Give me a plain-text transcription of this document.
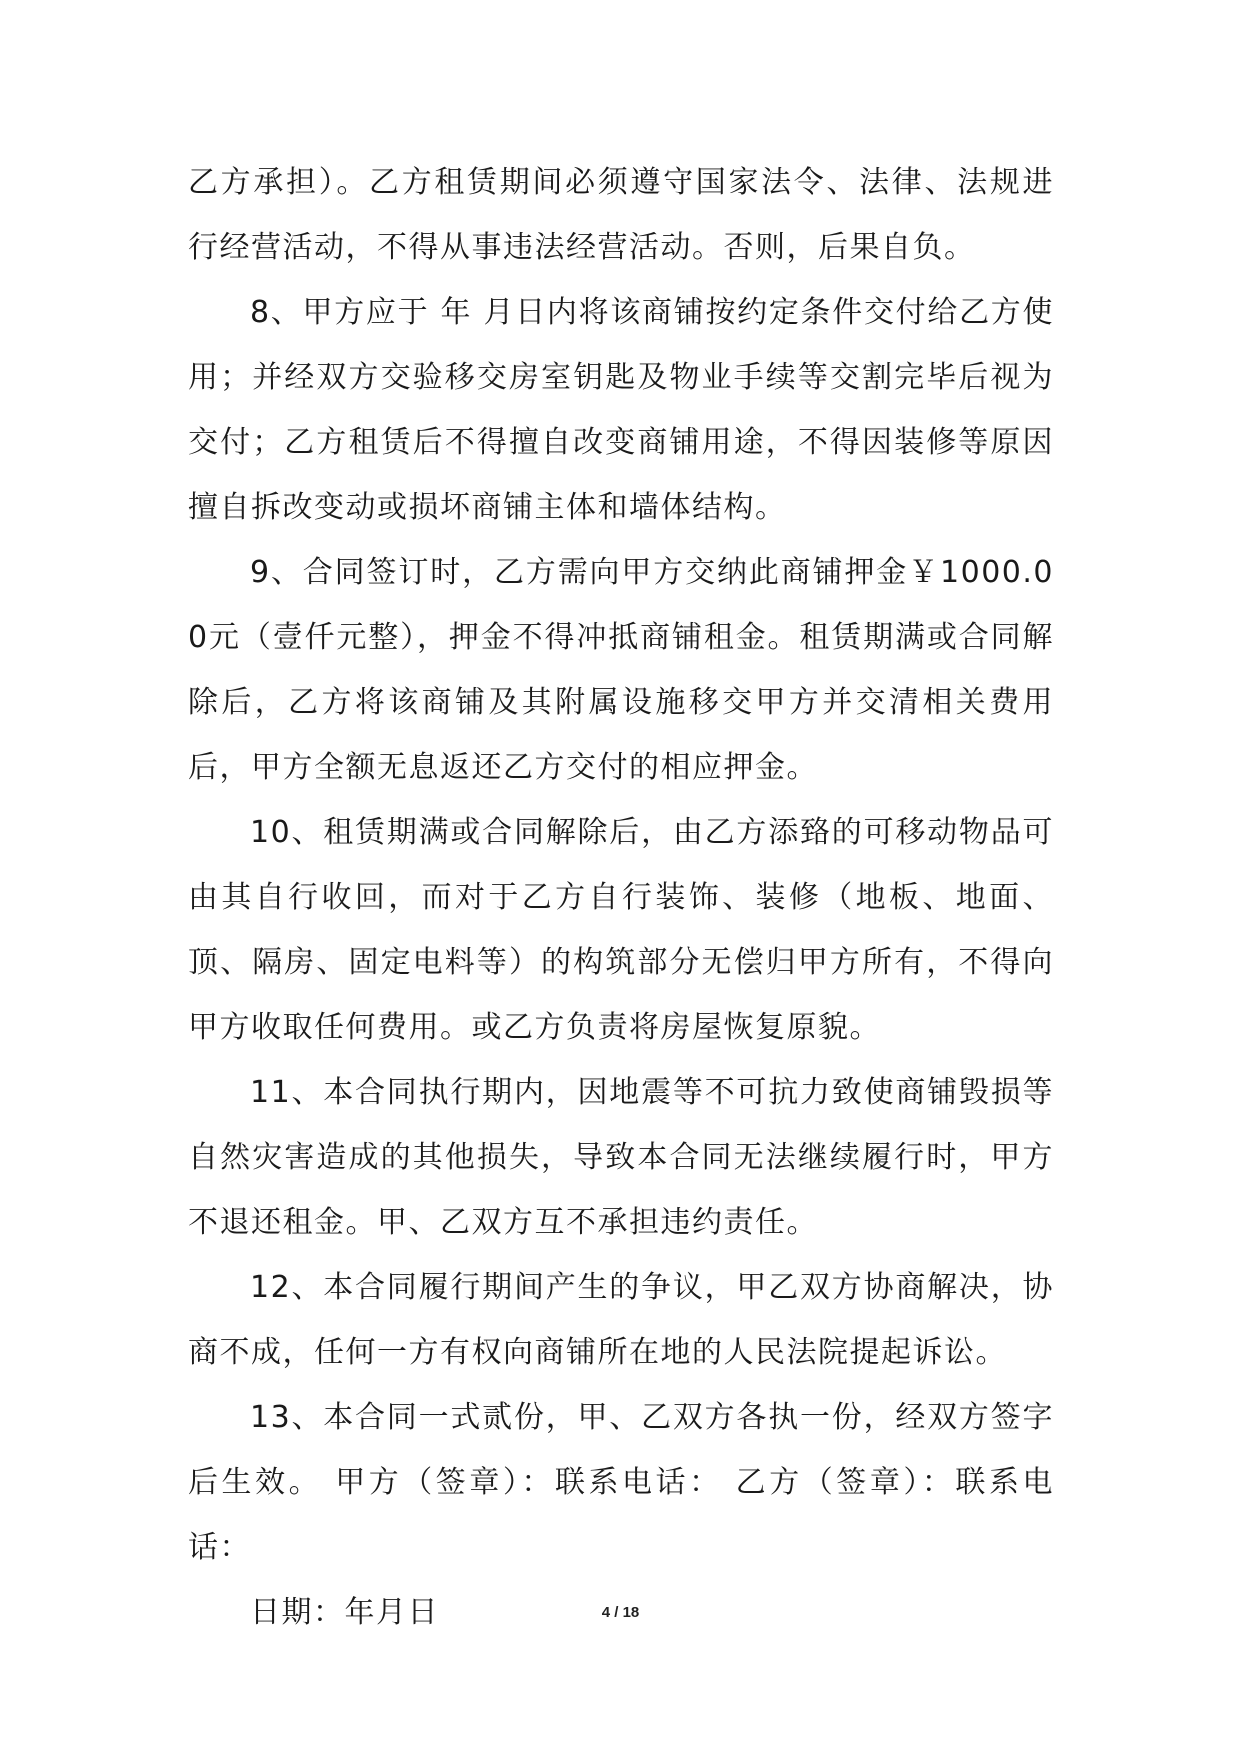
乙方承担）。乙方租赁期间必须遵守国家法令、法律、法规进行经营活动，不得从事违法经营活动。否则，后果自负。

8、甲方应于 年 月日内将该商铺按约定条件交付给乙方使用；并经双方交验移交房室钥匙及物业手续等交割完毕后视为交付；乙方租赁后不得擅自改变商铺用途，不得因装修等原因擅自拆改变动或损坏商铺主体和墙体结构。

9、合同签订时，乙方需向甲方交纳此商铺押金￥1000.00元（壹仟元整），押金不得冲抵商铺租金。租赁期满或合同解除后，乙方将该商铺及其附属设施移交甲方并交清相关费用后，甲方全额无息返还乙方交付的相应押金。

10、租赁期满或合同解除后，由乙方添臵的可移动物品可由其自行收回，而对于乙方自行装饰、装修（地板、地面、顶、隔房、固定电料等）的构筑部分无偿归甲方所有，不得向甲方收取任何费用。或乙方负责将房屋恢复原貌。

11、本合同执行期内，因地震等不可抗力致使商铺毁损等自然灾害造成的其他损失，导致本合同无法继续履行时，甲方不退还租金。甲、乙双方互不承担违约责任。

12、本合同履行期间产生的争议，甲乙双方协商解决，协商不成，任何一方有权向商铺所在地的人民法院提起诉讼。

13、本合同一式贰份，甲、乙双方各执一份，经双方签字后生效。 甲方（签章）：联系电话： 乙方（签章）：联系电话：

日期：年月日	4 / 18
